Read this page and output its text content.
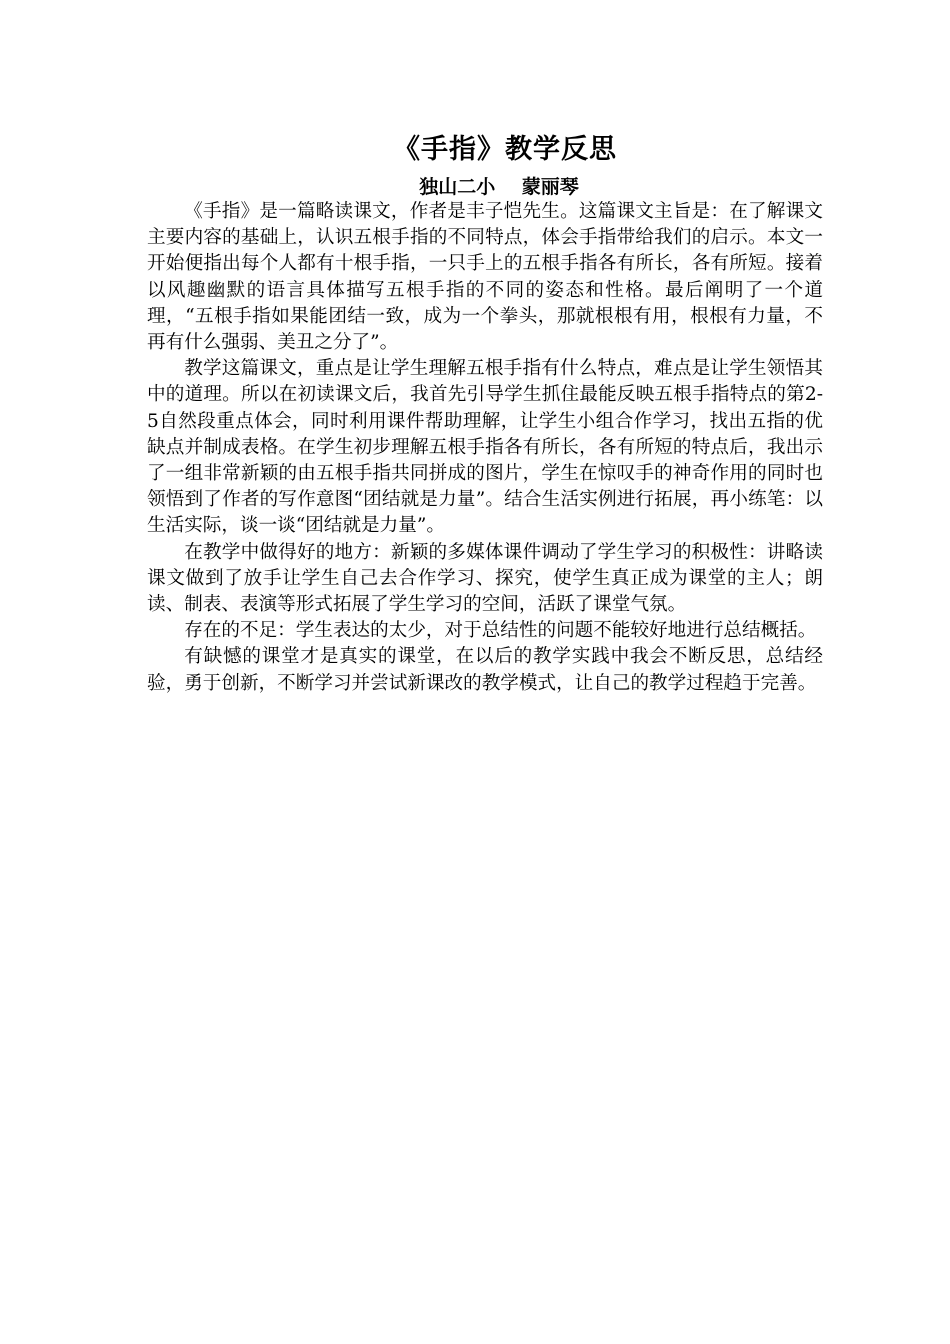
《手指》教学反思
独山二小    蒙丽琴

《手指》是一篇略读课文，作者是丰子恺先生。这篇课文主旨是：在了解课文主要内容的基础上，认识五根手指的不同特点，体会手指带给我们的启示。本文一开始便指出每个人都有十根手指，一只手上的五根手指各有所长，各有所短。接着以风趣幽默的语言具体描写五根手指的不同的姿态和性格。最后阐明了一个道理，“五根手指如果能团结一致，成为一个拳头，那就根根有用，根根有力量，不再有什么强弱、美丑之分了”。

教学这篇课文，重点是让学生理解五根手指有什么特点，难点是让学生领悟其中的道理。所以在初读课文后，我首先引导学生抓住最能反映五根手指特点的第2-5自然段重点体会，同时利用课件帮助理解，让学生小组合作学习，找出五指的优缺点并制成表格。在学生初步理解五根手指各有所长，各有所短的特点后，我出示了一组非常新颖的由五根手指共同拼成的图片，学生在惊叹手的神奇作用的同时也领悟到了作者的写作意图“团结就是力量”。结合生活实例进行拓展，再小练笔：以生活实际，谈一谈“团结就是力量”。

在教学中做得好的地方：新颖的多媒体课件调动了学生学习的积极性：讲略读课文做到了放手让学生自己去合作学习、探究，使学生真正成为课堂的主人；朗读、制表、表演等形式拓展了学生学习的空间，活跃了课堂气氛。

存在的不足：学生表达的太少，对于总结性的问题不能较好地进行总结概括。

有缺憾的课堂才是真实的课堂，在以后的教学实践中我会不断反思，总结经验，勇于创新，不断学习并尝试新课改的教学模式，让自己的教学过程趋于完善。
